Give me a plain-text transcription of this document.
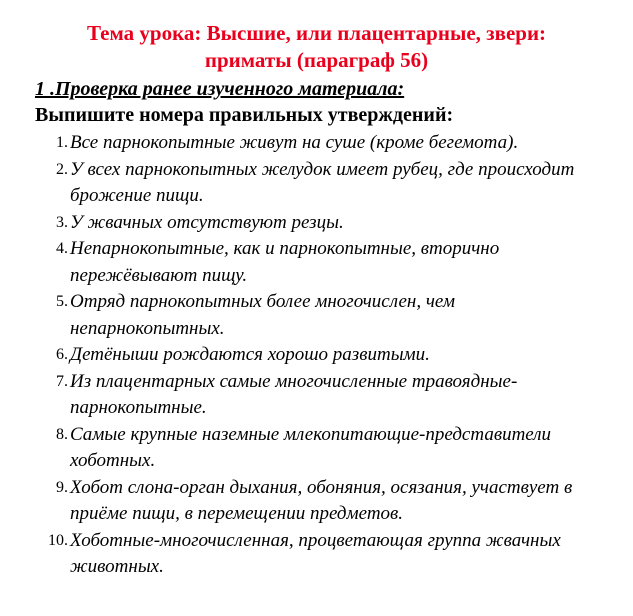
Тема урока: Высшие, или плацентарные, звери:
приматы (параграф 56)
1 .Проверка ранее изученного материала:
Выпишите номера правильных утверждений:
1. Все парнокопытные живут на суше (кроме бегемота).
2. У всех парнокопытных желудок имеет рубец, где происходит брожение пищи.
3. У жвачных отсутствуют резцы.
4. Непарнокопытные, как и парнокопытные, вторично пережёвывают пищу.
5. Отряд парнокопытных более многочислен, чем непарнокопытных.
6. Детёныши рождаются хорошо развитыми.
7. Из плацентарных самые многочисленные травоядные-парнокопытные.
8. Самые крупные наземные млекопитающие-представители хоботных.
9. Хобот слона-орган дыхания, обоняния, осязания, участвует в приёме пищи, в перемещении предметов.
10. Хоботные-многочисленная, процветающая группа жвачных животных.
